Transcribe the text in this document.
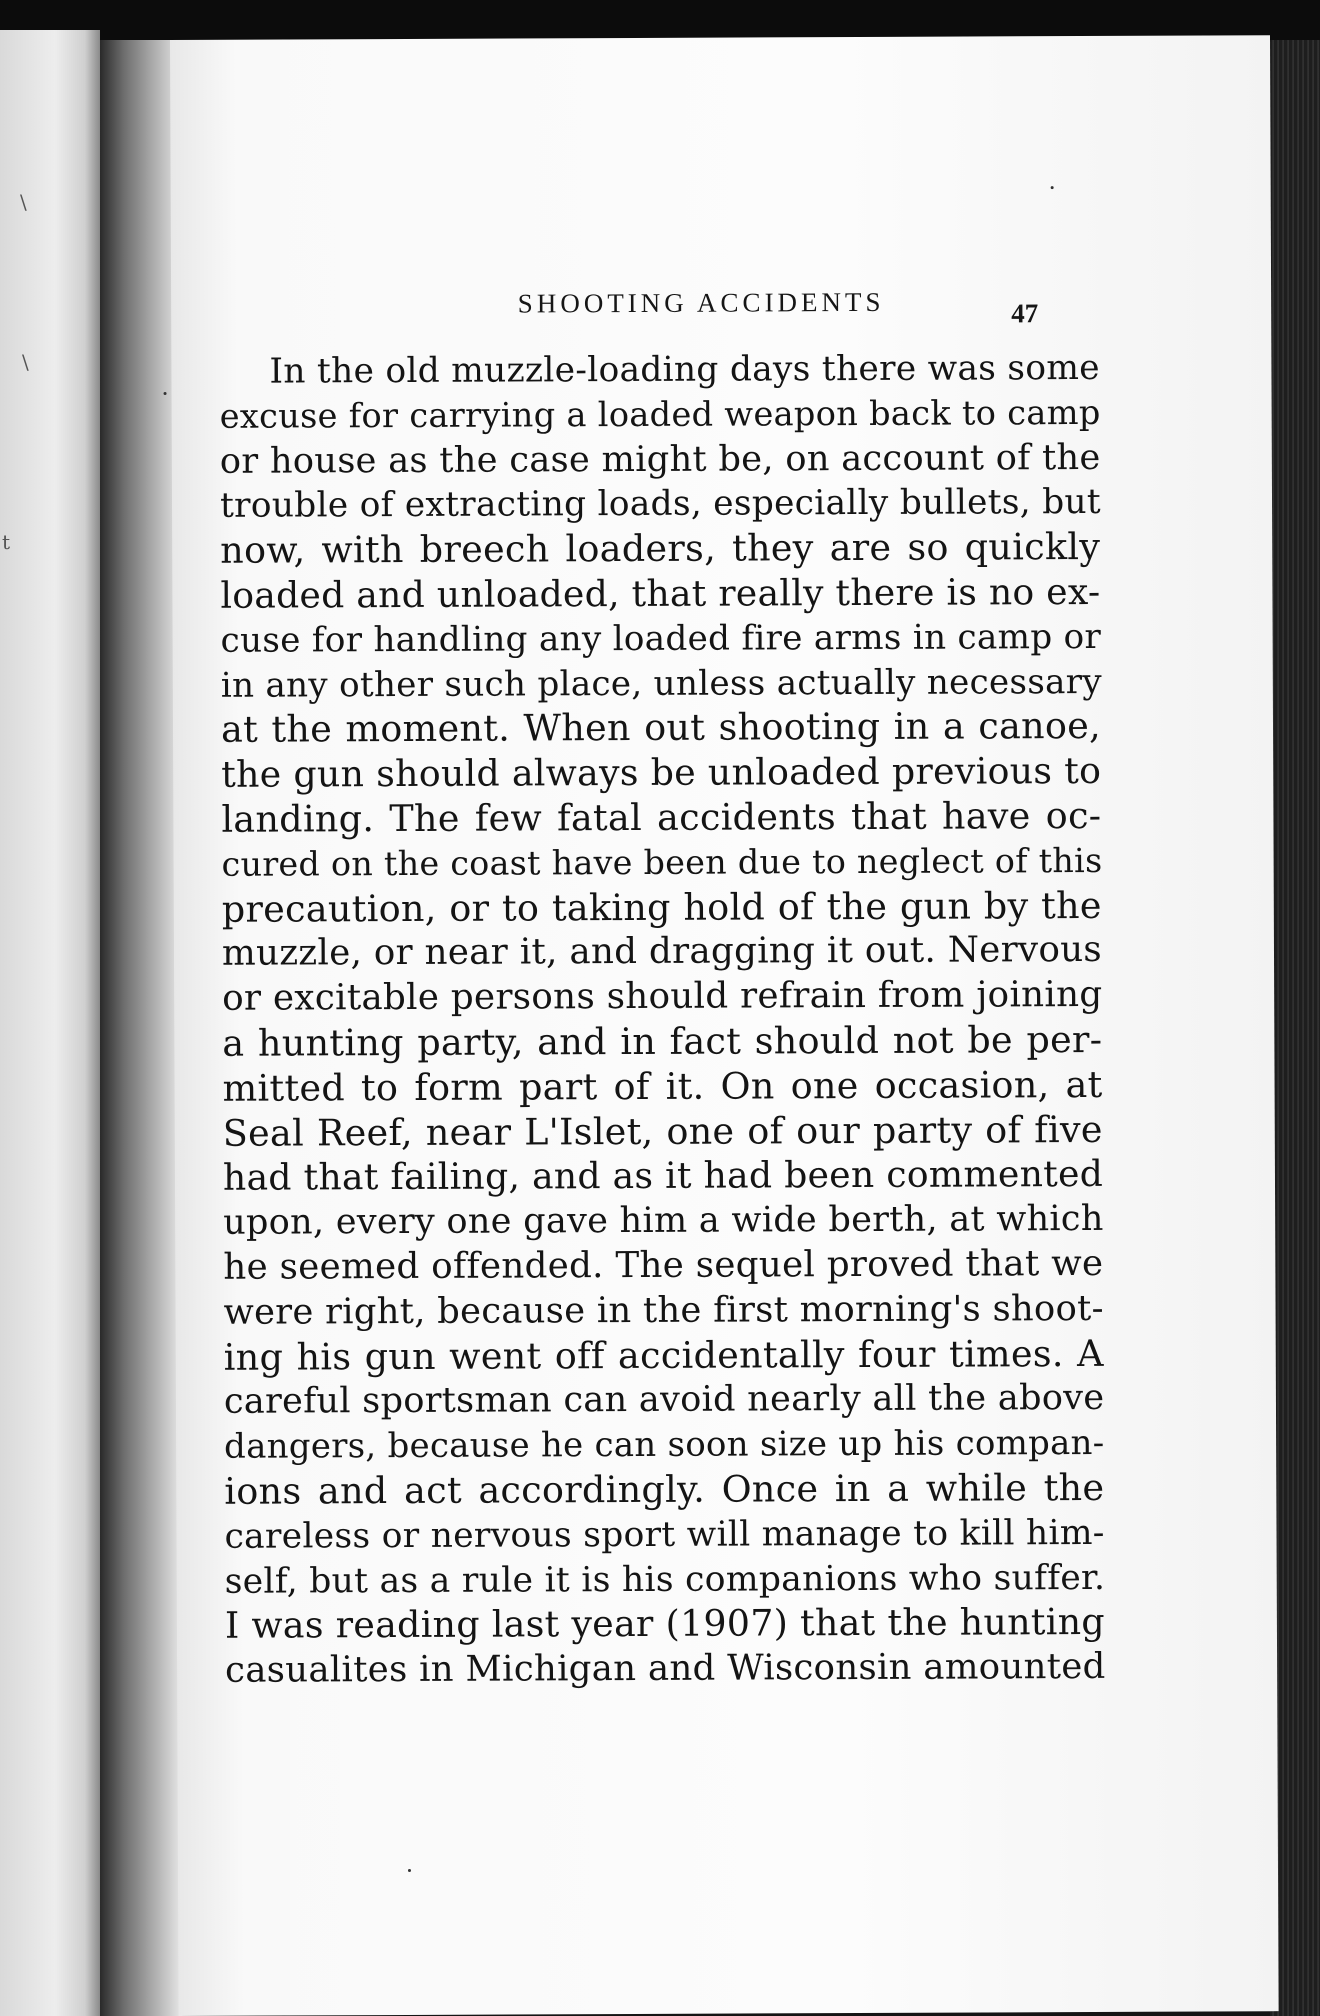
\
\
t
SHOOTING ACCIDENTS	47
In the old muzzle-loading days there was some
excuse for carrying a loaded weapon back to camp
or house as the case might be, on account of the
trouble of extracting loads, especially bullets, but
now, with breech loaders, they are so quickly
loaded and unloaded, that really there is no ex-
cuse for handling any loaded fire arms in camp or
in any other such place, unless actually necessary
at the moment. When out shooting in a canoe,
the gun should always be unloaded previous to
landing. The few fatal accidents that have oc-
cured on the coast have been due to neglect of this
precaution, or to taking hold of the gun by the
muzzle, or near it, and dragging it out. Nervous
or excitable persons should refrain from joining
a hunting party, and in fact should not be per-
mitted to form part of it. On one occasion, at
Seal Reef, near L'Islet, one of our party of five
had that failing, and as it had been commented
upon, every one gave him a wide berth, at which
he seemed offended. The sequel proved that we
were right, because in the first morning's shoot-
ing his gun went off accidentally four times. A
careful sportsman can avoid nearly all the above
dangers, because he can soon size up his compan-
ions and act accordingly. Once in a while the
careless or nervous sport will manage to kill him-
self, but as a rule it is his companions who suffer.
I was reading last year (1907) that the hunting
casualites in Michigan and Wisconsin amounted
